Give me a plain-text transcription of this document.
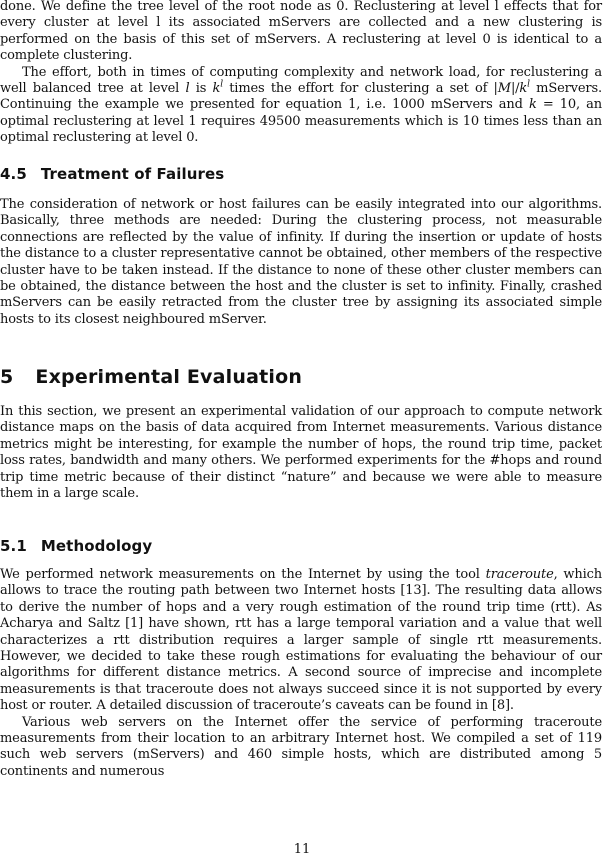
done. We define the tree level of the root node as 0. Reclustering at level l effects that for every cluster at level l its associated mServers are collected and a new clustering is performed on the basis of this set of mServers. A reclustering at level 0 is identical to a complete clustering.

The effort, both in times of computing complexity and network load, for reclustering a well balanced tree at level l is $k^l$ times the effort for clustering a set of $|M|/k^l$ mServers. Continuing the example we presented for equation 1, i.e. 1000 mServers and k = 10, an optimal reclustering at level 1 requires 49500 measurements which is 10 times less than an optimal reclustering at level 0.

4.5 Treatment of Failures

The consideration of network or host failures can be easily integrated into our algorithms. Basically, three methods are needed: During the clustering process, not measurable connections are reflected by the value of infinity. If during the insertion or update of hosts the distance to a cluster representative cannot be obtained, other members of the respective cluster have to be taken instead. If the distance to none of these other cluster members can be obtained, the distance between the host and the cluster is set to infinity. Finally, crashed mServers can be easily retracted from the cluster tree by assigning its associated simple hosts to its closest neighboured mServer.

5 Experimental Evaluation

In this section, we present an experimental validation of our approach to compute network distance maps on the basis of data acquired from Internet measurements. Various distance metrics might be interesting, for example the number of hops, the round trip time, packet loss rates, bandwidth and many others. We performed experiments for the #hops and round trip time metric because of their distinct “nature” and because we were able to measure them in a large scale.

5.1 Methodology

We performed network measurements on the Internet by using the tool traceroute, which allows to trace the routing path between two Internet hosts [13]. The resulting data allows to derive the number of hops and a very rough estimation of the round trip time (rtt). As Acharya and Saltz [1] have shown, rtt has a large temporal variation and a value that well characterizes a rtt distribution requires a larger sample of single rtt measurements. However, we decided to take these rough estimations for evaluating the behaviour of our algorithms for different distance metrics. A second source of imprecise and incomplete measurements is that traceroute does not always succeed since it is not supported by every host or router. A detailed discussion of traceroute’s caveats can be found in [8].

Various web servers on the Internet offer the service of performing traceroute measurements from their location to an arbitrary Internet host. We compiled a set of 119 such web servers (mServers) and 460 simple hosts, which are distributed among 5 continents and numerous

11
